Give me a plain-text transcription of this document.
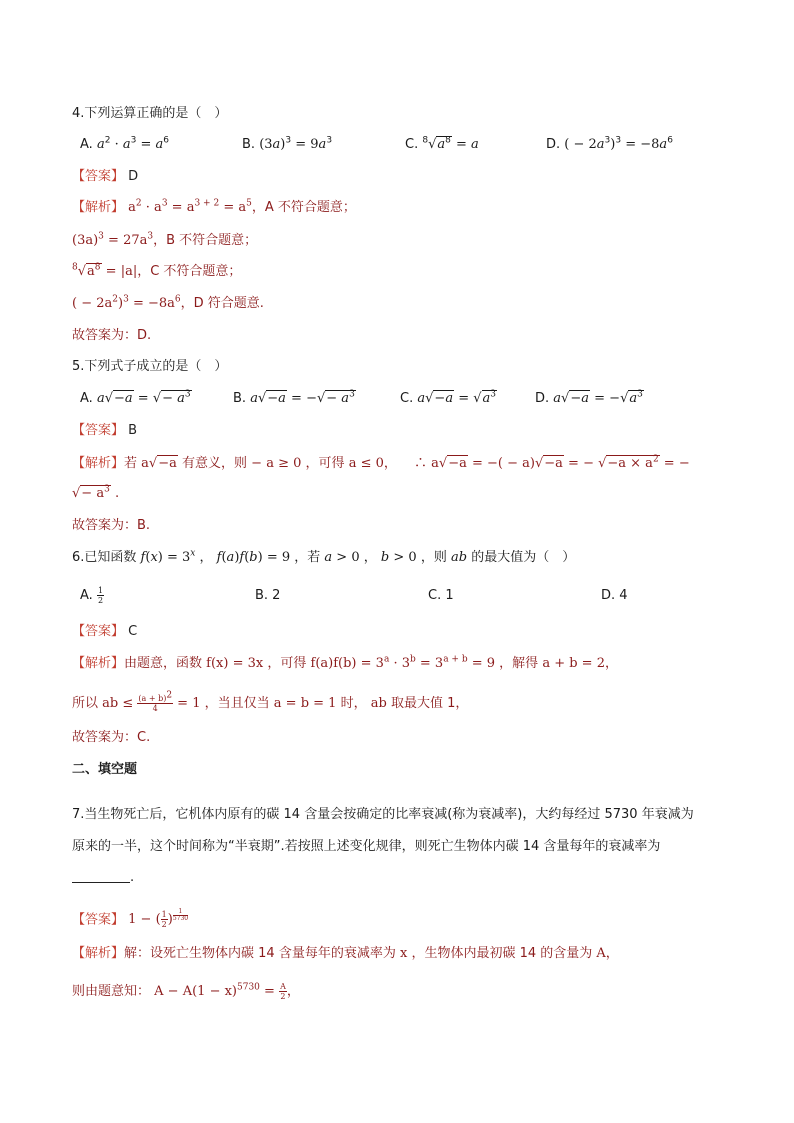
4.下列运算正确的是（　）
A. $a^2 \cdot a^3 = a^6$	B. $(3a)^3 = 9a^3$	C. $^8√a^8 = a$	D. ( − $2a^3)^3 = -8a^6$
【答案】 D
【解析】 $a^2 \cdot a^3 = a^{3 + 2} = a^5$，A 不符合题意；
$(3a)^3 = 27a^3$，B 不符合题意；
$^8√a^8 = |a|$，C 不符合题意；
( − $2a^2)^3 = -8a^6$，D 符合题意.
故答案为：D.
5.下列式子成立的是（　）
A. a√−a = √− $a^3$	B. a√−a = −√− $a^3$	C. $a√-a = √a^3$	D. $a√-a = -√a^3$
【答案】 B
【解析】若 a√−a 有意义，则 − a ≥ 0 ，可得 a ≤ 0， 　∴ a√−a = −( − a)√−a = − $√-a \times a^2$ = −
√− $a^3$ .
故答案为：B.
6.已知函数 $f(x) = 3^x$ ， f(a)f(b) = 9 ，若 a > 0 ， b > 0 ，则 ab 的最大值为（　）
A. $\frac{1}{2}$	B. 2	C. 1	D. 4
【答案】 C
【解析】由题意，函数 f(x) = 3x ，可得 $f(a)f(b) = 3^a \cdot 3^b = 3^{a + b} = 9$ ，解得 a + b = 2，
所以 ab ≤ $\frac{(a + b)^2}{4} = 1$ ，当且仅当 a = b = 1 时， ab 取最大值 1，
故答案为：C.
二、填空题
7.当生物死亡后，它机体内原有的碳 14 含量会按确定的比率衰减(称为衰减率)，大约每经过 5730 年衰减为
原来的一半，这个时间称为“半衰期”.若按照上述变化规律，则死亡生物体内碳 14 含量每年的衰减率为
.
【答案】 1 − ( $\frac{1}{2}$ ) $^{\frac{1}{5730}}$
【解析】解：设死亡生物体内碳 14 含量每年的衰减率为 x ，生物体内最初碳 14 的含量为 A，
则由题意知： $A - A(1 - x)^{5730} = \frac{A}{2}$ ，
